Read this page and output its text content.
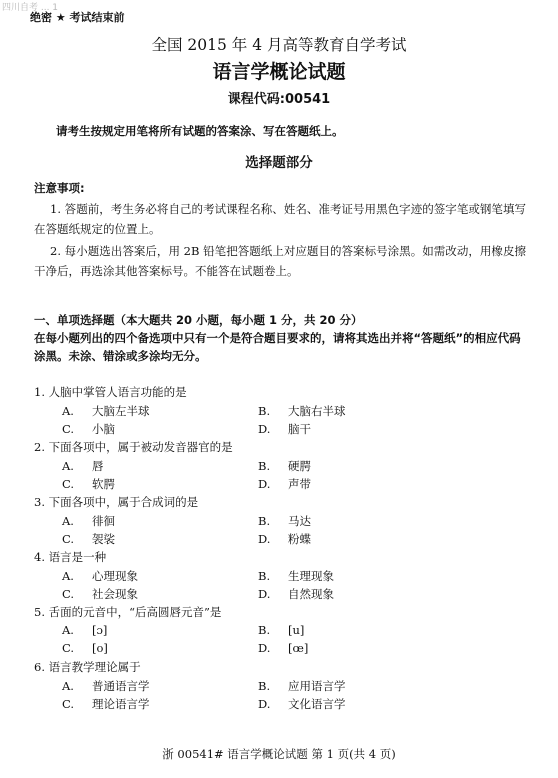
四川自考 ... 1
绝密 ★ 考试结束前
全国 2015 年 4 月高等教育自学考试
语言学概论试题
课程代码:00541
请考生按规定用笔将所有试题的答案涂、写在答题纸上。
选择题部分
注意事项:
1. 答题前，考生务必将自己的考试课程名称、姓名、准考证号用黑色字迹的签字笔或钢笔填写在答题纸规定的位置上。
2. 每小题选出答案后，用 2B 铅笔把答题纸上对应题目的答案标号涂黑。如需改动，用橡皮擦干净后，再选涂其他答案标号。不能答在试题卷上。
一、单项选择题（本大题共 20 小题，每小题 1 分，共 20 分）
在每小题列出的四个备选项中只有一个是符合题目要求的，请将其选出并将“答题纸”的相应代码涂黑。未涂、错涂或多涂均无分。
1. 人脑中掌管人语言功能的是
A. 大脑左半球	B. 大脑右半球
C. 小脑	D. 脑干
2. 下面各项中，属于被动发音器官的是
A. 唇	B. 硬腭
C. 软腭	D. 声带
3. 下面各项中，属于合成词的是
A. 徘徊	B. 马达
C. 袈裟	D. 粉蝶
4. 语言是一种
A. 心理现象	B. 生理现象
C. 社会现象	D. 自然现象
5. 舌面的元音中，“后高圆唇元音”是
A. [ɔ]	B. [u]
C. [o]	D. [œ]
6. 语言教学理论属于
A. 普通语言学	B. 应用语言学
C. 理论语言学	D. 文化语言学
浙 00541# 语言学概论试题 第 1 页(共 4 页)
